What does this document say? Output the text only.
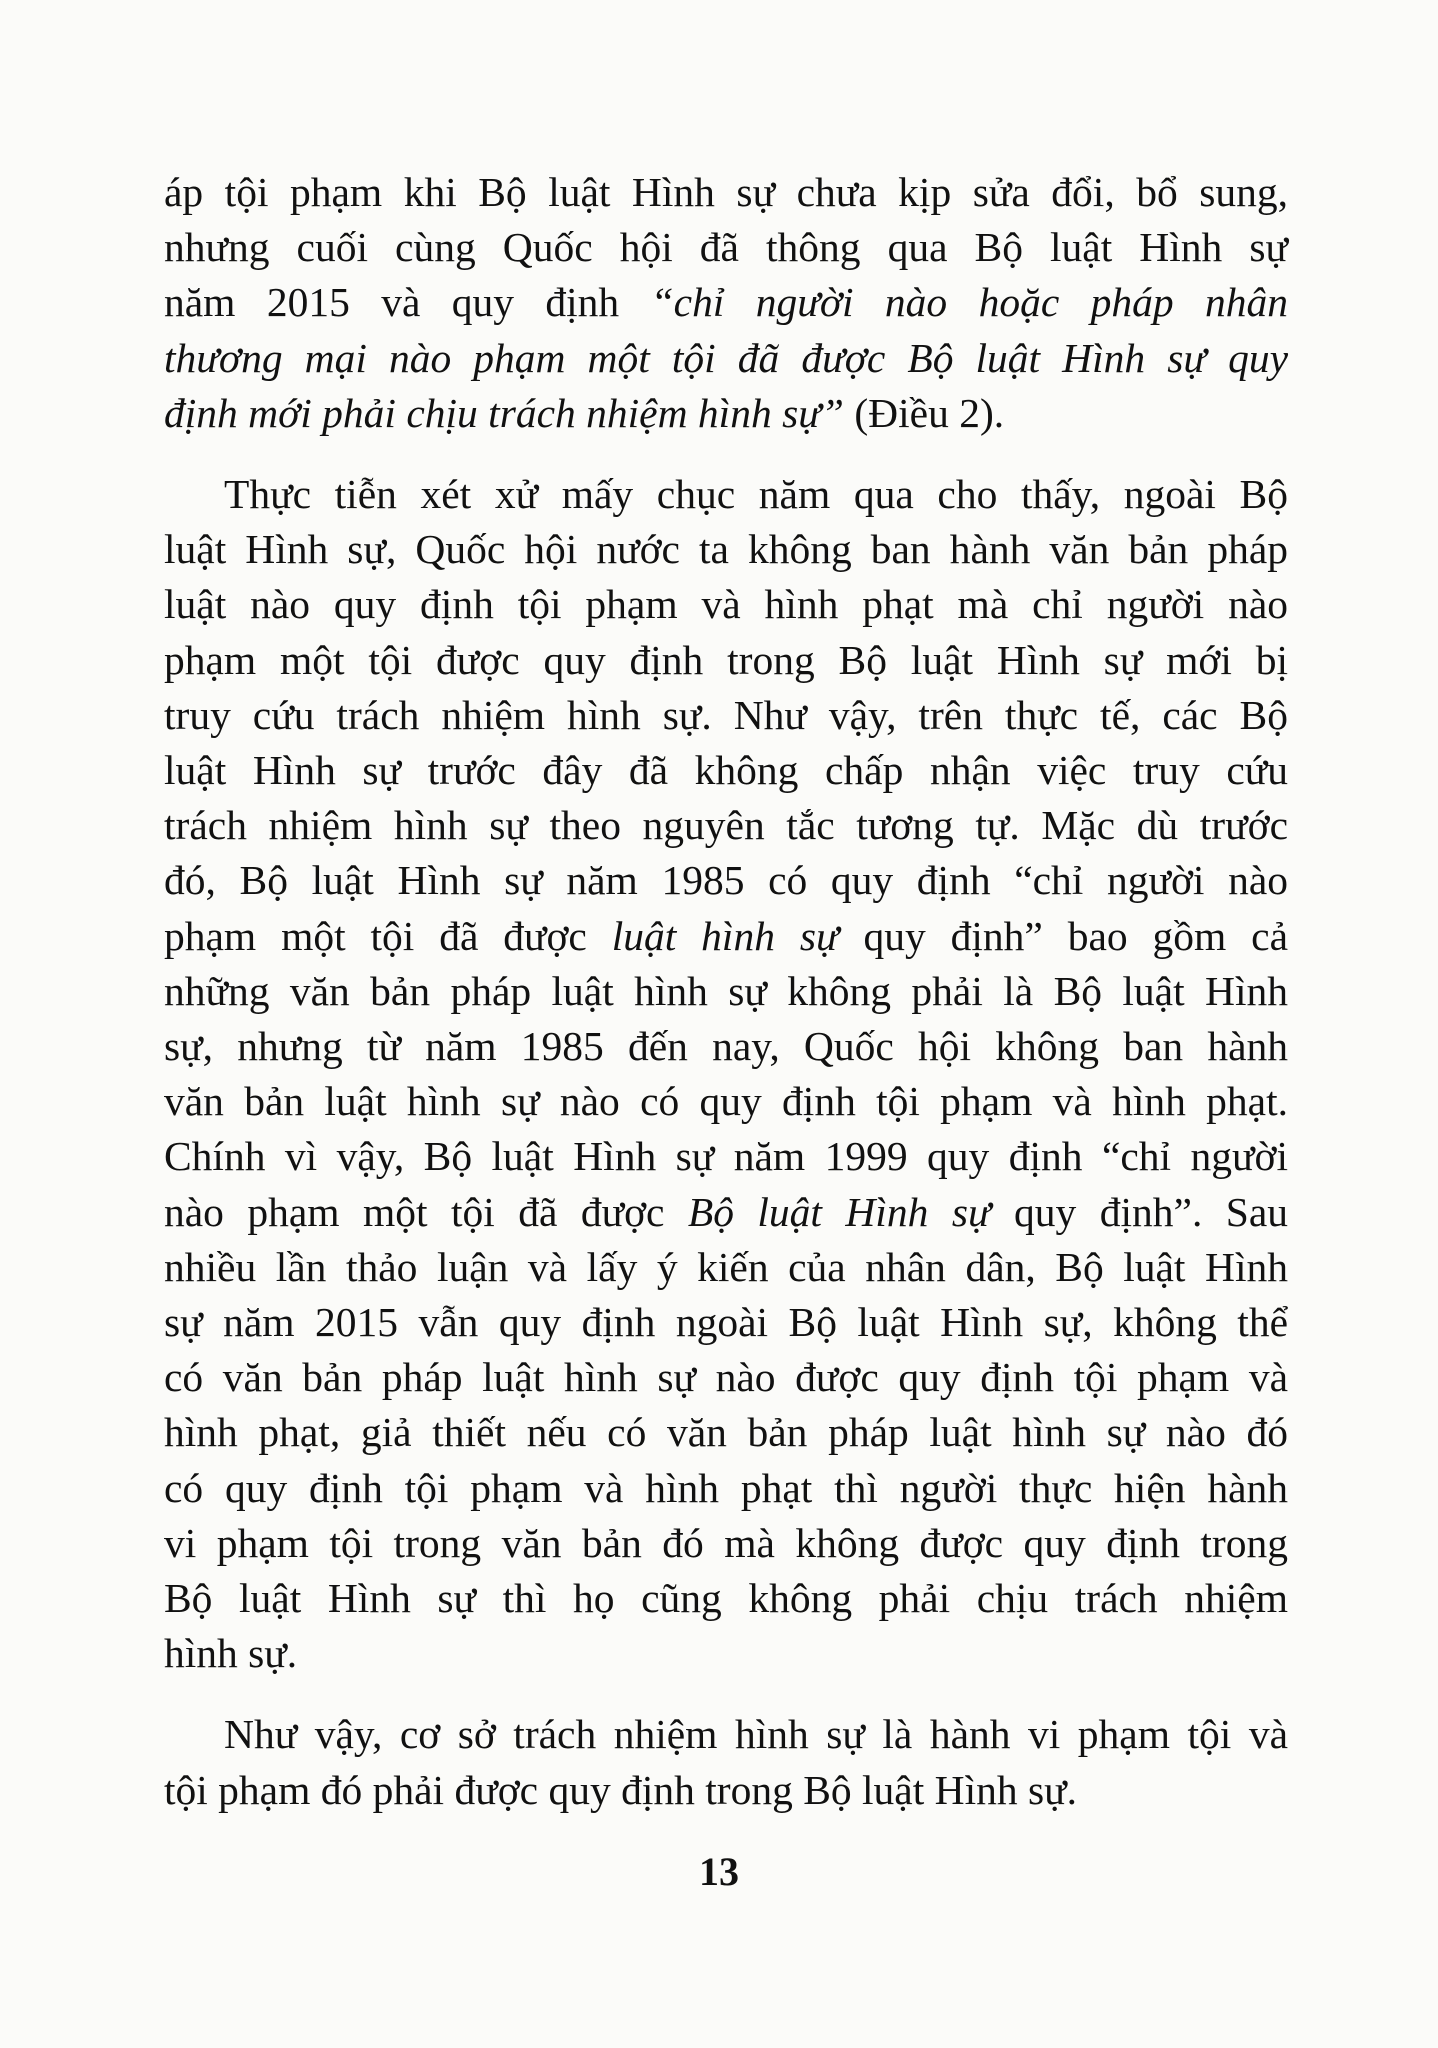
áp tội phạm khi Bộ luật Hình sự chưa kịp sửa đổi, bổ sung,
nhưng cuối cùng Quốc hội đã thông qua Bộ luật Hình sự
năm 2015 và quy định “chỉ người nào hoặc pháp nhân
thương mại nào phạm một tội đã được Bộ luật Hình sự quy
định mới phải chịu trách nhiệm hình sự” (Điều 2).
Thực tiễn xét xử mấy chục năm qua cho thấy, ngoài Bộ
luật Hình sự, Quốc hội nước ta không ban hành văn bản pháp
luật nào quy định tội phạm và hình phạt mà chỉ người nào
phạm một tội được quy định trong Bộ luật Hình sự mới bị
truy cứu trách nhiệm hình sự. Như vậy, trên thực tế, các Bộ
luật Hình sự trước đây đã không chấp nhận việc truy cứu
trách nhiệm hình sự theo nguyên tắc tương tự. Mặc dù trước
đó, Bộ luật Hình sự năm 1985 có quy định “chỉ người nào
phạm một tội đã được luật hình sự quy định” bao gồm cả
những văn bản pháp luật hình sự không phải là Bộ luật Hình
sự, nhưng từ năm 1985 đến nay, Quốc hội không ban hành
văn bản luật hình sự nào có quy định tội phạm và hình phạt.
Chính vì vậy, Bộ luật Hình sự năm 1999 quy định “chỉ người
nào phạm một tội đã được Bộ luật Hình sự quy định”. Sau
nhiều lần thảo luận và lấy ý kiến của nhân dân, Bộ luật Hình
sự năm 2015 vẫn quy định ngoài Bộ luật Hình sự, không thể
có văn bản pháp luật hình sự nào được quy định tội phạm và
hình phạt, giả thiết nếu có văn bản pháp luật hình sự nào đó
có quy định tội phạm và hình phạt thì người thực hiện hành
vi phạm tội trong văn bản đó mà không được quy định trong
Bộ luật Hình sự thì họ cũng không phải chịu trách nhiệm
hình sự.
Như vậy, cơ sở trách nhiệm hình sự là hành vi phạm tội và
tội phạm đó phải được quy định trong Bộ luật Hình sự.
13
